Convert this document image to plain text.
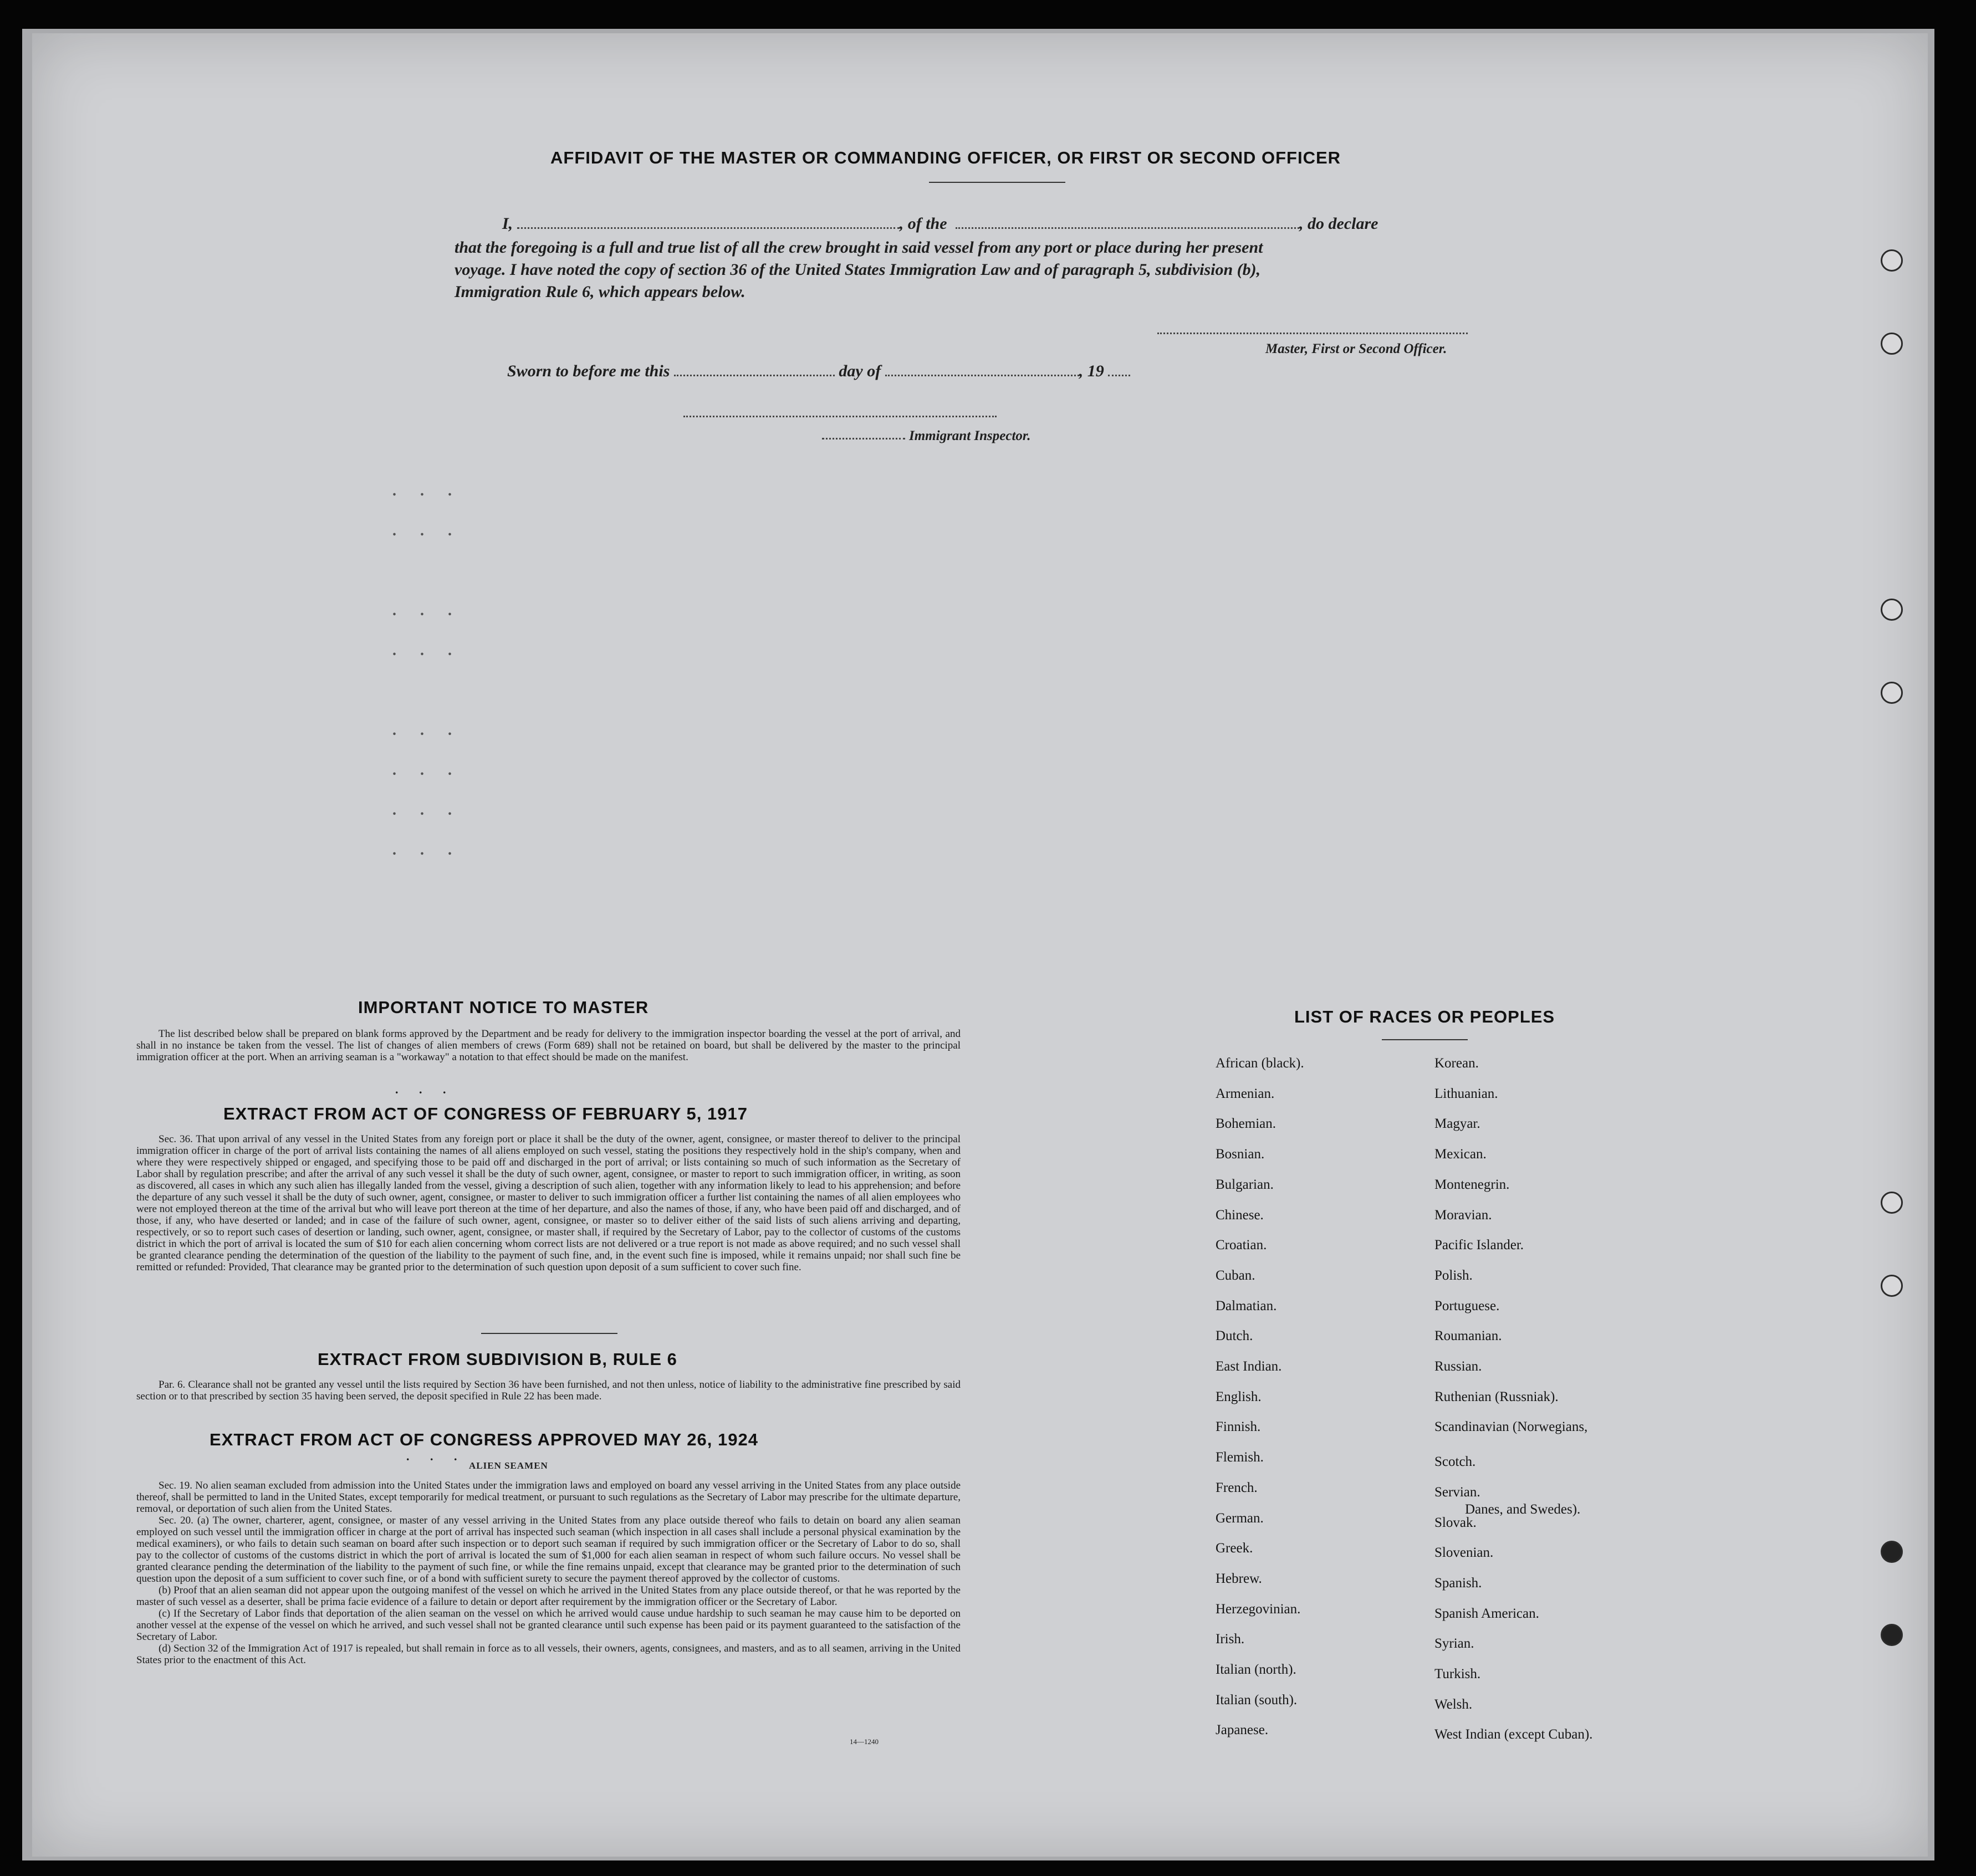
AFFIDAVIT OF THE MASTER OR COMMANDING OFFICER, OR FIRST OR SECOND OFFICER
I,	, of the	, do declare
that the foregoing is a full and true list of all the crew brought in said vessel from any port or place during her present
voyage. I have noted the copy of section 36 of the United States Immigration Law and of paragraph 5, subdivision (b),
Immigration Rule 6, which appears below.
Master, First or Second Officer.
Sworn to before me this	day of	, 19
Immigrant Inspector.
. . .
. . .

. . .
. . .

. . .
. . .
. . .
. . .
IMPORTANT NOTICE TO MASTER

The list described below shall be prepared on blank forms approved by the Department and be ready for delivery to the immigration inspector boarding the vessel at the port of arrival, and shall in no instance be taken from the vessel. The list of changes of alien members of crews (Form 689) shall not be retained on board, but shall be delivered by the master to the principal immigration officer at the port. When an arriving seaman is a "workaway" a notation to that effect should be made on the manifest.

. . .
EXTRACT FROM ACT OF CONGRESS OF FEBRUARY 5, 1917

Sec. 36. That upon arrival of any vessel in the United States from any foreign port or place it shall be the duty of the owner, agent, consignee, or master thereof to deliver to the principal immigration officer in charge of the port of arrival lists containing the names of all aliens employed on such vessel, stating the positions they respectively hold in the ship's company, when and where they were respectively shipped or engaged, and specifying those to be paid off and discharged in the port of arrival; or lists containing so much of such information as the Secretary of Labor shall by regulation prescribe; and after the arrival of any such vessel it shall be the duty of such owner, agent, consignee, or master to report to such immigration officer, in writing, as soon as discovered, all cases in which any such alien has illegally landed from the vessel, giving a description of such alien, together with any information likely to lead to his apprehension; and before the departure of any such vessel it shall be the duty of such owner, agent, consignee, or master to deliver to such immigration officer a further list containing the names of all alien employees who were not employed thereon at the time of the arrival but who will leave port thereon at the time of her departure, and also the names of those, if any, who have been paid off and discharged, and of those, if any, who have deserted or landed; and in case of the failure of such owner, agent, consignee, or master so to deliver either of the said lists of such aliens arriving and departing, respectively, or so to report such cases of desertion or landing, such owner, agent, consignee, or master shall, if required by the Secretary of Labor, pay to the collector of customs of the customs district in which the port of arrival is located the sum of $10 for each alien concerning whom correct lists are not delivered or a true report is not made as above required; and no such vessel shall be granted clearance pending the determination of the question of the liability to the payment of such fine, and, in the event such fine is imposed, while it remains unpaid; nor shall such fine be remitted or refunded: Provided, That clearance may be granted prior to the determination of such question upon deposit of a sum sufficient to cover such fine.

EXTRACT FROM SUBDIVISION B, RULE 6

Par. 6. Clearance shall not be granted any vessel until the lists required by Section 36 have been furnished, and not then unless, notice of liability to the administrative fine prescribed by said section or to that prescribed by section 35 having been served, the deposit specified in Rule 22 has been made.

EXTRACT FROM ACT OF CONGRESS APPROVED MAY 26, 1924
. . .
ALIEN SEAMEN

Sec. 19. No alien seaman excluded from admission into the United States under the immigration laws and employed on board any vessel arriving in the United States from any place outside thereof, shall be permitted to land in the United States, except temporarily for medical treatment, or pursuant to such regulations as the Secretary of Labor may prescribe for the ultimate departure, removal, or deportation of such alien from the United States.

Sec. 20. (a) The owner, charterer, agent, consignee, or master of any vessel arriving in the United States from any place outside thereof who fails to detain on board any alien seaman employed on such vessel until the immigration officer in charge at the port of arrival has inspected such seaman (which inspection in all cases shall include a personal physical examination by the medical examiners), or who fails to detain such seaman on board after such inspection or to deport such seaman if required by such immigration officer or the Secretary of Labor to do so, shall pay to the collector of customs of the customs district in which the port of arrival is located the sum of $1,000 for each alien seaman in respect of whom such failure occurs. No vessel shall be granted clearance pending the determination of the liability to the payment of such fine, or while the fine remains unpaid, except that clearance may be granted prior to the determination of such question upon the deposit of a sum sufficient to cover such fine, or of a bond with sufficient surety to secure the payment thereof approved by the collector of customs.

(b) Proof that an alien seaman did not appear upon the outgoing manifest of the vessel on which he arrived in the United States from any place outside thereof, or that he was reported by the master of such vessel as a deserter, shall be prima facie evidence of a failure to detain or deport after requirement by the immigration officer or the Secretary of Labor.

(c) If the Secretary of Labor finds that deportation of the alien seaman on the vessel on which he arrived would cause undue hardship to such seaman he may cause him to be deported on another vessel at the expense of the vessel on which he arrived, and such vessel shall not be granted clearance until such expense has been paid or its payment guaranteed to the satisfaction of the Secretary of Labor.

(d) Section 32 of the Immigration Act of 1917 is repealed, but shall remain in force as to all vessels, their owners, agents, consignees, and masters, and as to all seamen, arriving in the United States prior to the enactment of this Act.

14—1240
LIST OF RACES OR PEOPLES
African (black).
Armenian.
Bohemian.
Bosnian.
Bulgarian.
Chinese.
Croatian.
Cuban.
Dalmatian.
Dutch.
East Indian.
English.
Finnish.
Flemish.
French.
German.
Greek.
Hebrew.
Herzegovinian.
Irish.
Italian (north).
Italian (south).
Japanese.
Korean.
Lithuanian.
Magyar.
Mexican.
Montenegrin.
Moravian.
Pacific Islander.
Polish.
Portuguese.
Roumanian.
Russian.
Ruthenian (Russniak).
Scandinavian (Norwegians,
Scotch.
Servian.
Slovak.
Slovenian.
Spanish.
Spanish American.
Syrian.
Turkish.
Welsh.
West Indian (except Cuban).
Danes, and Swedes).
